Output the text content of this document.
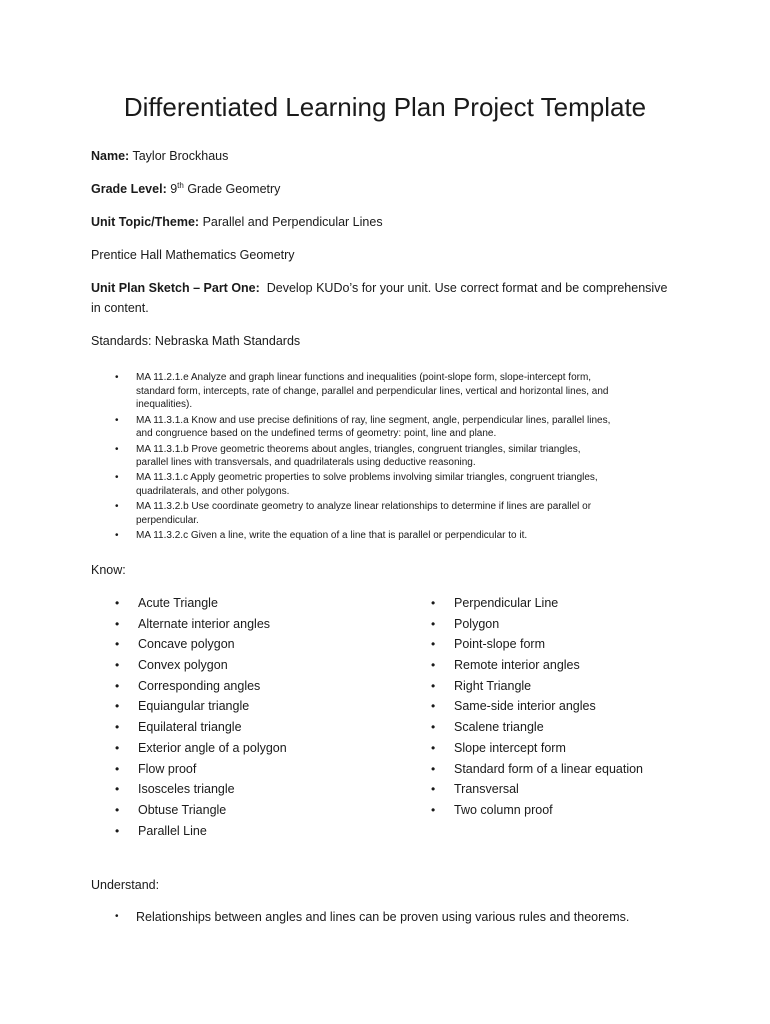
Differentiated Learning Plan Project Template
Name: Taylor Brockhaus
Grade Level: 9th Grade Geometry
Unit Topic/Theme: Parallel and Perpendicular Lines
Prentice Hall Mathematics Geometry
Unit Plan Sketch – Part One: Develop KUDo’s for your unit. Use correct format and be comprehensive
in content.
Standards: Nebraska Math Standards
• MA 11.2.1.e Analyze and graph linear functions and inequalities (point-slope form, slope-intercept form,
standard form, intercepts, rate of change, parallel and perpendicular lines, vertical and horizontal lines, and
inequalities).
• MA 11.3.1.a Know and use precise definitions of ray, line segment, angle, perpendicular lines, parallel lines,
and congruence based on the undefined terms of geometry: point, line and plane.
• MA 11.3.1.b Prove geometric theorems about angles, triangles, congruent triangles, similar triangles,
parallel lines with transversals, and quadrilaterals using deductive reasoning.
• MA 11.3.1.c Apply geometric properties to solve problems involving similar triangles, congruent triangles,
quadrilaterals, and other polygons.
• MA 11.3.2.b Use coordinate geometry to analyze linear relationships to determine if lines are parallel or
perpendicular.
• MA 11.3.2.c Given a line, write the equation of a line that is parallel or perpendicular to it.
Know:
• Acute Triangle
• Alternate interior angles
• Concave polygon
• Convex polygon
• Corresponding angles
• Equiangular triangle
• Equilateral triangle
• Exterior angle of a polygon
• Flow proof
• Isosceles triangle
• Obtuse Triangle
• Parallel Line
• Perpendicular Line
• Polygon
• Point-slope form
• Remote interior angles
• Right Triangle
• Same-side interior angles
• Scalene triangle
• Slope intercept form
• Standard form of a linear equation
• Transversal
• Two column proof
Understand:
• Relationships between angles and lines can be proven using various rules and theorems.
